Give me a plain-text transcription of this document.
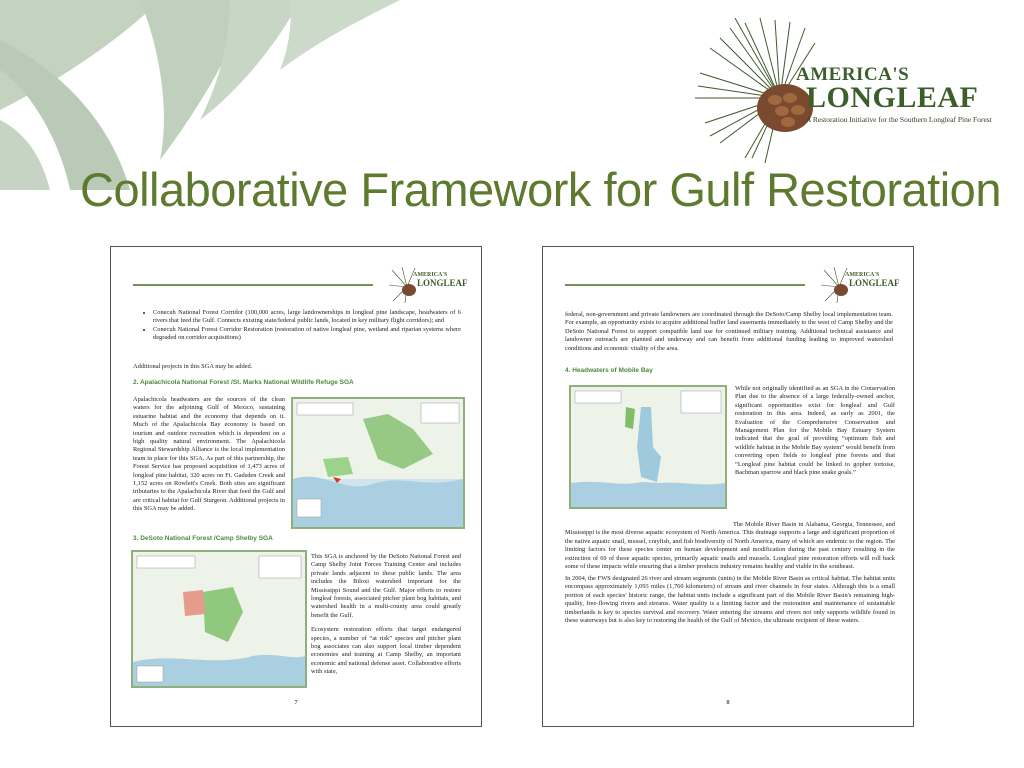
AMERICA'S
LONGLEAF
A Restoration Initiative for the Southern Longleaf Pine Forest
Collaborative Framework for Gulf Restoration
AMERICA'S
LONGLEAF
• Conecuh National Forest Corridor (100,000 acres, large landownerships in longleaf pine landscape, headwaters of 6 rivers that feed the Gulf. Connects existing state/federal public lands, located in key military flight corridors); and
• Conecuh National Forest Corridor Restoration (restoration of native longleaf pine, wetland and riparian systems where degraded on corridor acquisitions)
Additional projects in this SGA may be added.
2. Apalachicola National Forest /St. Marks National Wildlife Refuge SGA
Apalachicola headwaters are the sources of the clean waters for the adjoining Gulf of Mexico, sustaining estuarine habitat and the economy that depends on it. Much of the Apalachicola Bay economy is based on tourism and outdoor recreation which is dependent on a high quality natural environment. The Apalachicola Regional Stewardship Alliance is the local implementation team in place for this SGA. As part of this partnership, the Forest Service has proposed acquisition of 1,473 acres of longleaf pine habitat, 320 acres on Ft. Gadsden Creek and 1,152 acres on Rowlett's Creek. Both sites are significant tributaries to the Apalachicola River that feed the Gulf and are critical habitat for Gulf Sturgeon. Additional projects in this SGA may be added.
3. DeSoto National Forest /Camp Shelby SGA

This SGA is anchored by the DeSoto National Forest and Camp Shelby Joint Forces Training Center and includes private lands adjacent to these public lands. The area includes the Biloxi watershed important for the Mississippi Sound and the Gulf. Major efforts to restore longleaf forests, associated pitcher plant bog habitats, and watershed health in a multi-county area could greatly benefit the Gulf.

Ecosystem restoration efforts that target endangered species, a number of “at risk” species and pitcher plant bog associates can also support local timber dependent economies and training at Camp Shelby, an important economic and national defense asset. Collaborative efforts with state,

7
AMERICA'S
LONGLEAF
federal, non-government and private landowners are coordinated through the DeSoto/Camp Shelby local implementation team. For example, an opportunity exists to acquire additional buffer land easements immediately to the west of Camp Shelby and the DeSoto National Forest to support compatible land use for continued military training. Additional technical assistance and landowner outreach are planned and underway and can benefit from additional funding leading to improved watershed conditions and economic vitality of the area.
4. Headwaters of Mobile Bay
While not originally identified as an SGA in the Conservation Plan due to the absence of a large federally-owned anchor, significant opportunities exist for longleaf and Gulf restoration in this area. Indeed, as early as 2001, the Evaluation of the Comprehensive Conservation and Management Plan for the Mobile Bay Estuary System indicated that the goal of providing “optimum fish and wildlife habitat in the Mobile Bay system” would benefit from converting open fields to longleaf pine forests and that “Longleaf pine habitat could be linked to gopher tortoise, Bachman sparrow and black pine snake goals.”
The Mobile River Basin in Alabama, Georgia, Tennessee, and Mississippi is the most diverse aquatic ecosystem of North America. This drainage supports a large and significant proportion of the native aquatic snail, mussel, crayfish, and fish biodiversity of North America, many of which are endemic to the region. The limiting factors for these species center on human development and modification during the past century resulting in the extinction of 69 of these aquatic species, primarily aquatic snails and mussels. Longleaf pine restoration efforts will roll back some of these impacts while ensuring that a timber products industry remains healthy and viable in the southeast.
In 2004, the FWS designated 26 river and stream segments (units) in the Mobile River Basin as critical habitat. The habitat units encompass approximately 1,093 miles (1,760 kilometers) of stream and river channels in four states. Although this is a small portion of each species' historic range, the habitat units include a significant part of the Mobile River Basin's remaining high-quality, free-flowing rivers and streams. Water quality is a limiting factor and the restoration and maintenance of sustainable timberlands is key to species survival and recovery. Water entering the streams and rivers not only supports wildlife found in these waterways but is also key to restoring the health of the Gulf of Mexico, the ultimate recipient of these waters.
8
